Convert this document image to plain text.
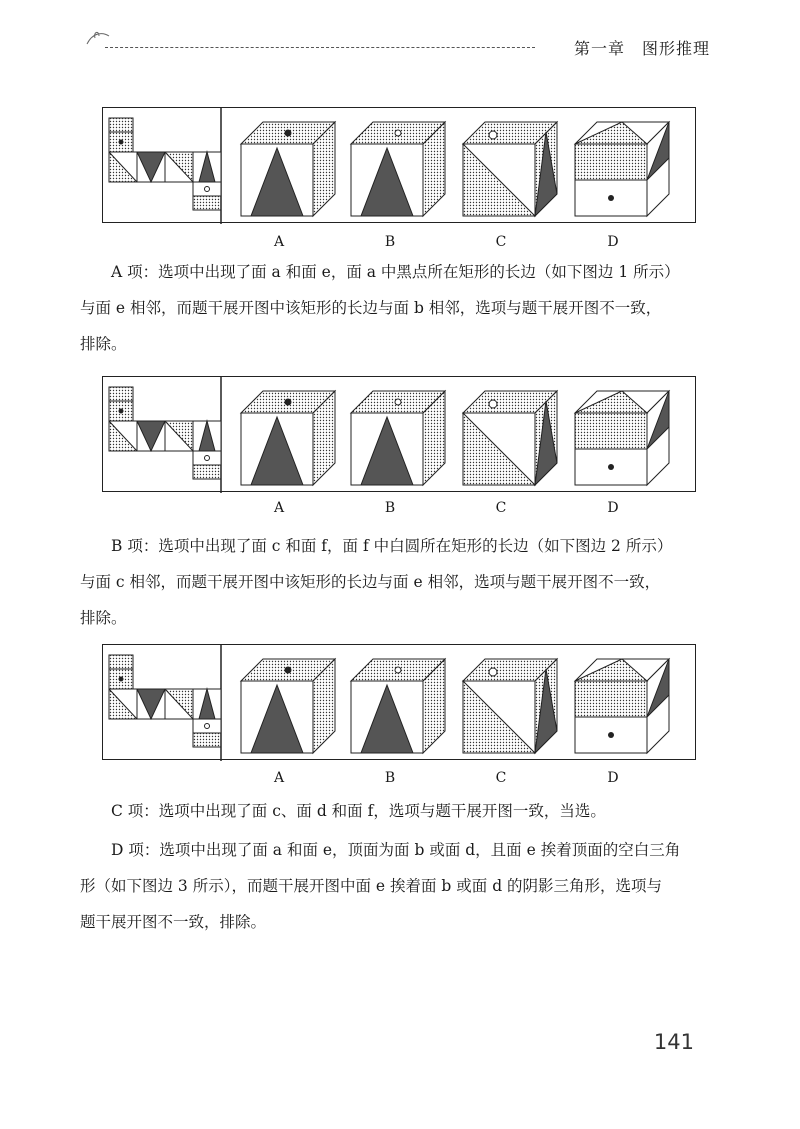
第一章　图形推理
A	B	C	D
A 项：选项中出现了面 a 和面 e，面 a 中黑点所在矩形的长边（如下图边 1 所示）
与面 e 相邻，而题干展开图中该矩形的长边与面 b 相邻，选项与题干展开图不一致，
排除。
A	B	C	D
B 项：选项中出现了面 c 和面 f，面 f 中白圆所在矩形的长边（如下图边 2 所示）
与面 c 相邻，而题干展开图中该矩形的长边与面 e 相邻，选项与题干展开图不一致，
排除。
A	B	C	D
C 项：选项中出现了面 c、面 d 和面 f，选项与题干展开图一致，当选。
D 项：选项中出现了面 a 和面 e，顶面为面 b 或面 d，且面 e 挨着顶面的空白三角
形（如下图边 3 所示），而题干展开图中面 e 挨着面 b 或面 d 的阴影三角形，选项与
题干展开图不一致，排除。
141
